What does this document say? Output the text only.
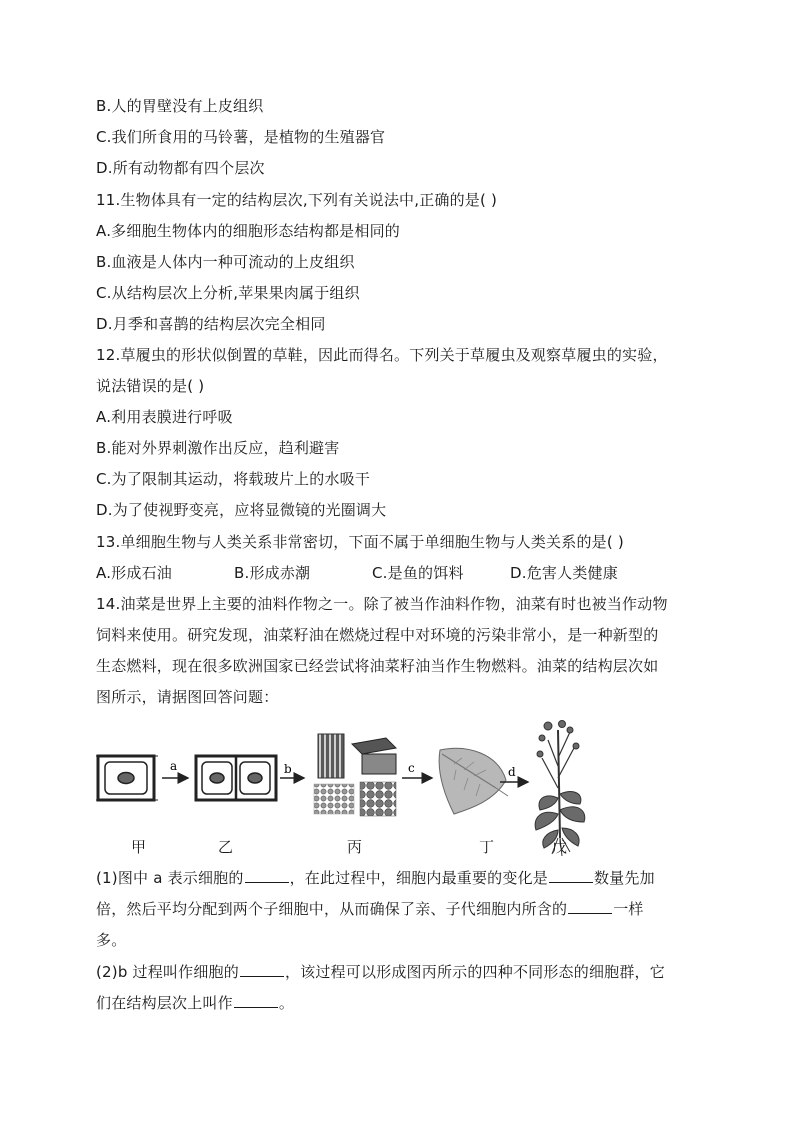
B.人的胃壁没有上皮组织
C.我们所食用的马铃薯，是植物的生殖器官
D.所有动物都有四个层次
11.生物体具有一定的结构层次,下列有关说法中,正确的是( )
A.多细胞生物体内的细胞形态结构都是相同的
B.血液是人体内一种可流动的上皮组织
C.从结构层次上分析,苹果果肉属于组织
D.月季和喜鹊的结构层次完全相同
12.草履虫的形状似倒置的草鞋，因此而得名。下列关于草履虫及观察草履虫的实验，
说法错误的是( )
A.利用表膜进行呼吸
B.能对外界刺激作出反应，趋利避害
C.为了限制其运动，将载玻片上的水吸干
D.为了使视野变亮，应将显微镜的光圈调大
13.单细胞生物与人类关系非常密切，下面不属于单细胞生物与人类关系的是( )
A.形成石油	B.形成赤潮	C.是鱼的饵料	D.危害人类健康
14.油菜是世界上主要的油料作物之一。除了被当作油料作物，油菜有时也被当作动物
饲料来使用。研究发现，油菜籽油在燃烧过程中对环境的污染非常小，是一种新型的
生态燃料，现在很多欧洲国家已经尝试将油菜籽油当作生物燃料。油菜的结构层次如
图所示，请据图回答问题：
a	b	c	d
甲	乙	丙	丁	戊
(1)图中 a 表示细胞的	，在此过程中，细胞内最重要的变化是	数量先加
倍，然后平均分配到两个子细胞中，从而确保了亲、子代细胞内所含的	一样
多。
(2)b 过程叫作细胞的	，该过程可以形成图丙所示的四种不同形态的细胞群，它
们在结构层次上叫作	。
